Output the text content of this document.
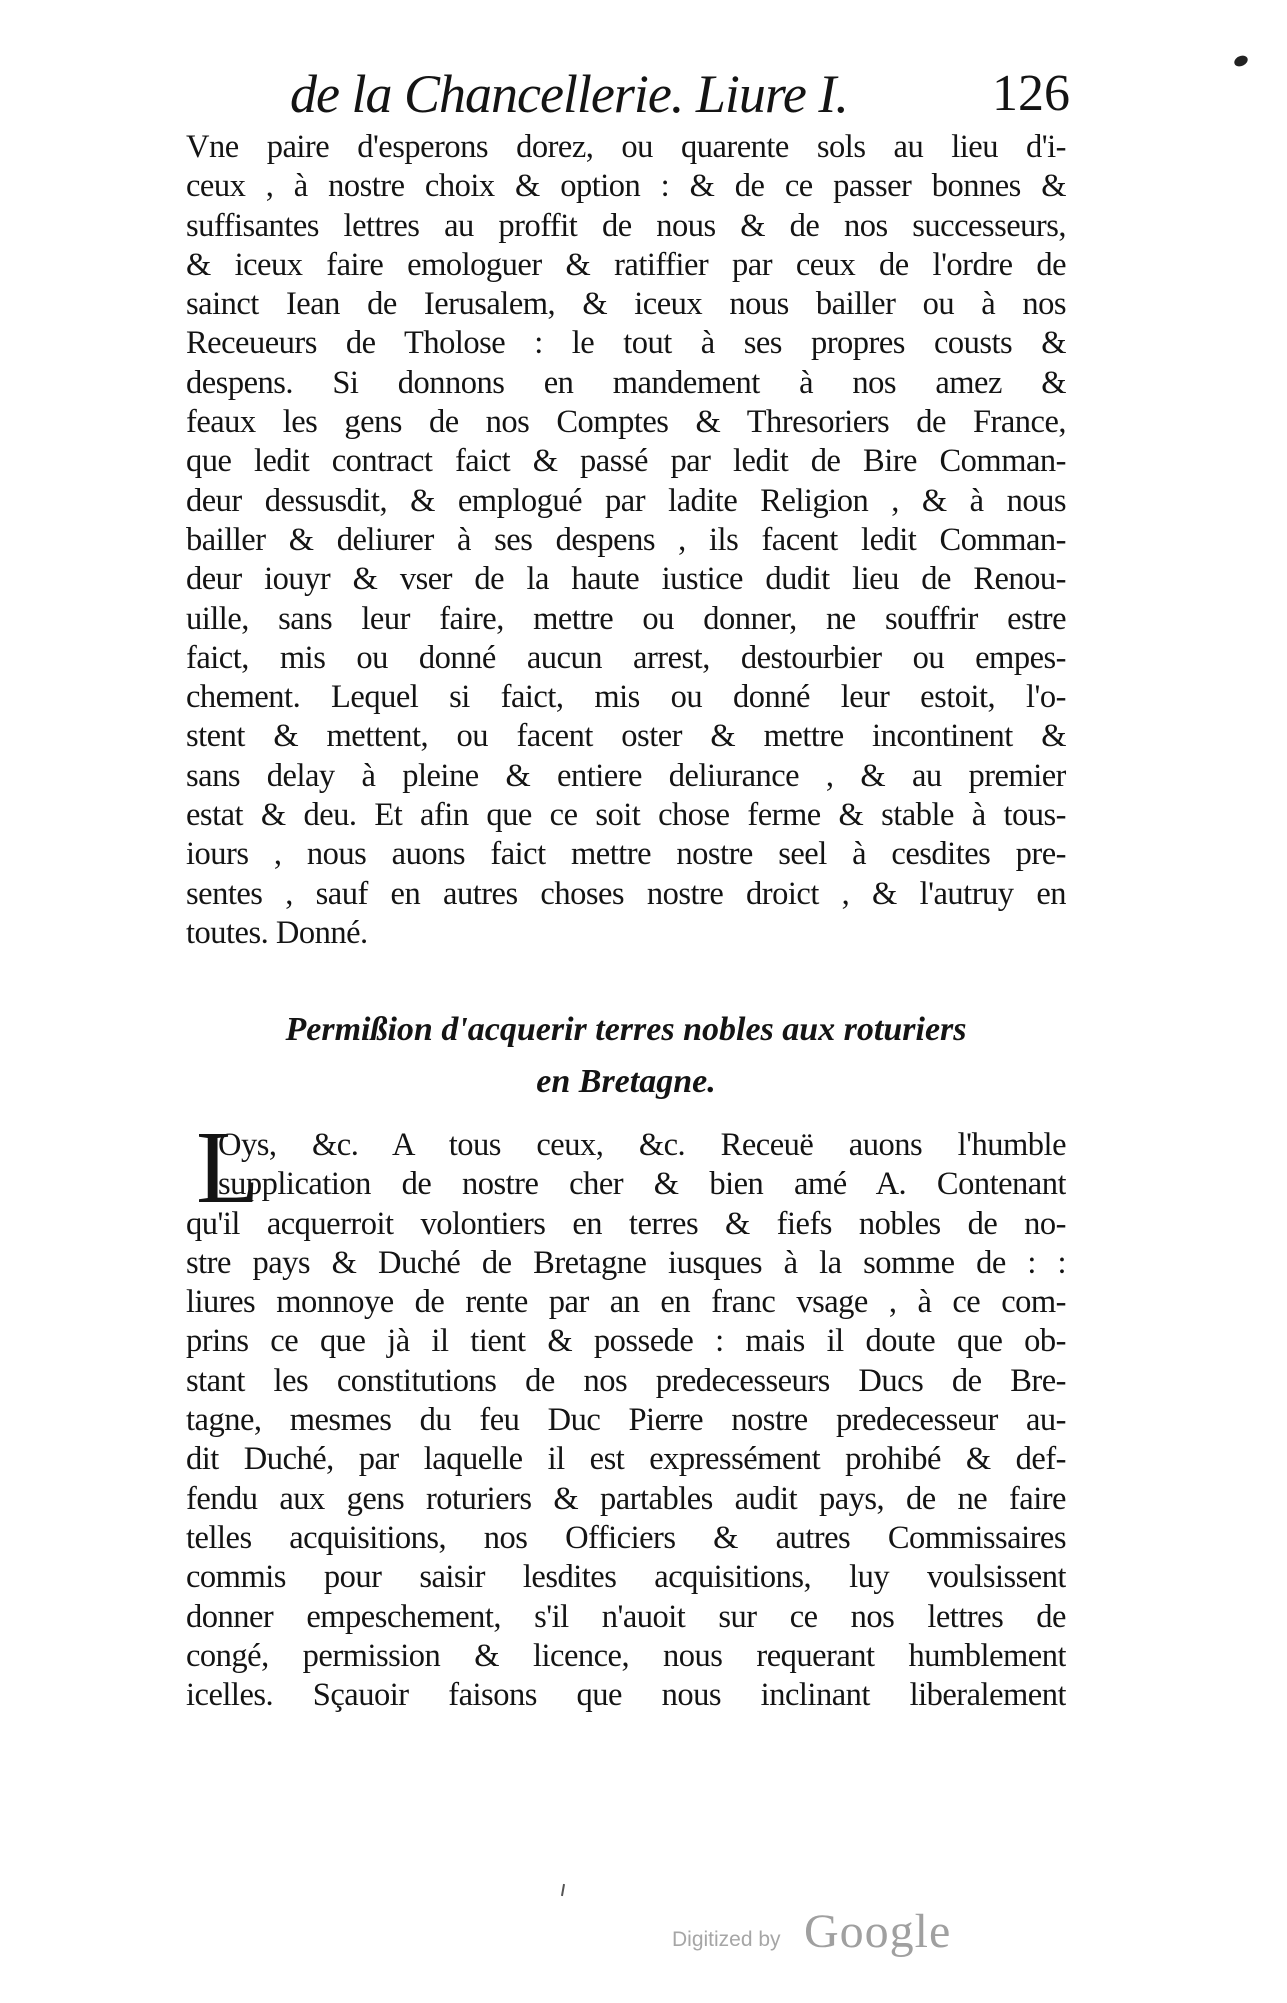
de la Chancellerie. Liure I.	126
Vne paire d'esperons dorez, ou quarente sols au lieu d'i-
ceux , à nostre choix & option : & de ce passer bonnes &
suffisantes lettres au proffit de nous & de nos successeurs,
& iceux faire emologuer & ratiffier par ceux de l'ordre de
sainct Iean de Ierusalem, & iceux nous bailler ou à nos
Receueurs de Tholose : le tout à ses propres cousts &
despens. Si donnons en mandement à nos amez &
feaux les gens de nos Comptes & Thresoriers de France,
que ledit contract faict & passé par ledit de Bire Comman-
deur dessusdit, & emplogué par ladite Religion , & à nous
bailler & deliurer à ses despens , ils facent ledit Comman-
deur iouyr & vser de la haute iustice dudit lieu de Renou-
uille, sans leur faire, mettre ou donner, ne souffrir estre
faict, mis ou donné aucun arrest, destourbier ou empes-
chement. Lequel si faict, mis ou donné leur estoit, l'o-
stent & mettent, ou facent oster & mettre incontinent &
sans delay à pleine & entiere deliurance , & au premier
estat & deu. Et afin que ce soit chose ferme & stable à tous-
iours , nous auons faict mettre nostre seel à cesdites pre-
sentes , sauf en autres choses nostre droict , & l'autruy en
toutes. Donné.
Permißion d'acquerir terres nobles aux roturiers
en Bretagne.
L
Oys, &c. A tous ceux, &c. Receuë auons l'humble
supplication de nostre cher & bien amé A. Contenant
qu'il acquerroit volontiers en terres & fiefs nobles de no-
stre pays & Duché de Bretagne iusques à la somme de : :
liures monnoye de rente par an en franc vsage , à ce com-
prins ce que jà il tient & possede : mais il doute que ob-
stant les constitutions de nos predecesseurs Ducs de Bre-
tagne, mesmes du feu Duc Pierre nostre predecesseur au-
dit Duché, par laquelle il est expressément prohibé & def-
fendu aux gens roturiers & partables audit pays, de ne faire
telles acquisitions, nos Officiers & autres Commissaires
commis pour saisir lesdites acquisitions, luy voulsissent
donner empeschement, s'il n'auoit sur ce nos lettres de
congé, permission & licence, nous requerant humblement
icelles. Sçauoir faisons que nous inclinant liberalement
Digitized by Google
